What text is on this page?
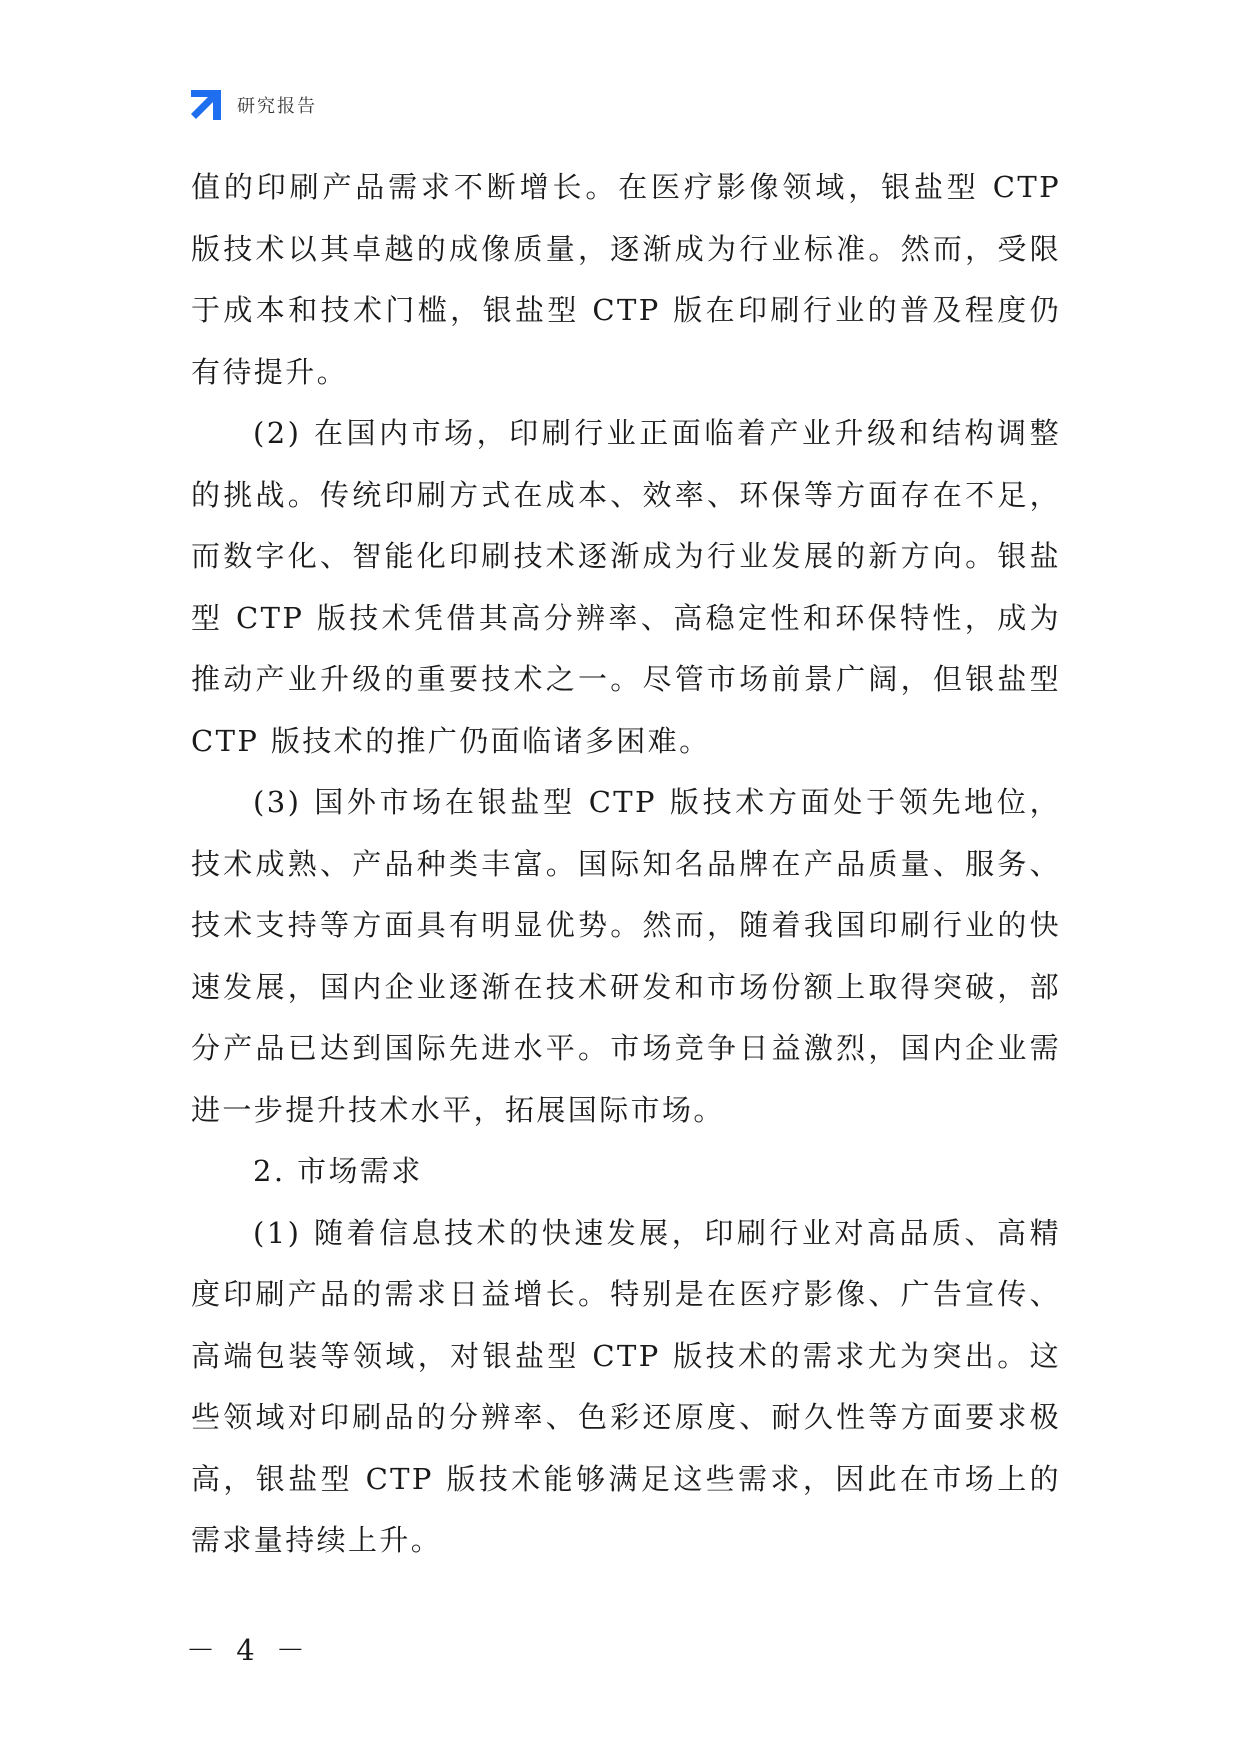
研究报告

值的印刷产品需求不断增长。在医疗影像领域，银盐型 CTP 版技术以其卓越的成像质量，逐渐成为行业标准。然而，受限于成本和技术门槛，银盐型 CTP 版在印刷行业的普及程度仍有待提升。

(2) 在国内市场，印刷行业正面临着产业升级和结构调整的挑战。传统印刷方式在成本、效率、环保等方面存在不足，而数字化、智能化印刷技术逐渐成为行业发展的新方向。银盐型 CTP 版技术凭借其高分辨率、高稳定性和环保特性，成为推动产业升级的重要技术之一。尽管市场前景广阔，但银盐型 CTP 版技术的推广仍面临诸多困难。

(3) 国外市场在银盐型 CTP 版技术方面处于领先地位，技术成熟、产品种类丰富。国际知名品牌在产品质量、服务、技术支持等方面具有明显优势。然而，随着我国印刷行业的快速发展，国内企业逐渐在技术研发和市场份额上取得突破，部分产品已达到国际先进水平。市场竞争日益激烈，国内企业需进一步提升技术水平，拓展国际市场。

2. 市场需求

(1) 随着信息技术的快速发展，印刷行业对高品质、高精度印刷产品的需求日益增长。特别是在医疗影像、广告宣传、高端包装等领域，对银盐型 CTP 版技术的需求尤为突出。这些领域对印刷品的分辨率、色彩还原度、耐久性等方面要求极高，银盐型 CTP 版技术能够满足这些需求，因此在市场上的需求量持续上升。

－ 4 －
